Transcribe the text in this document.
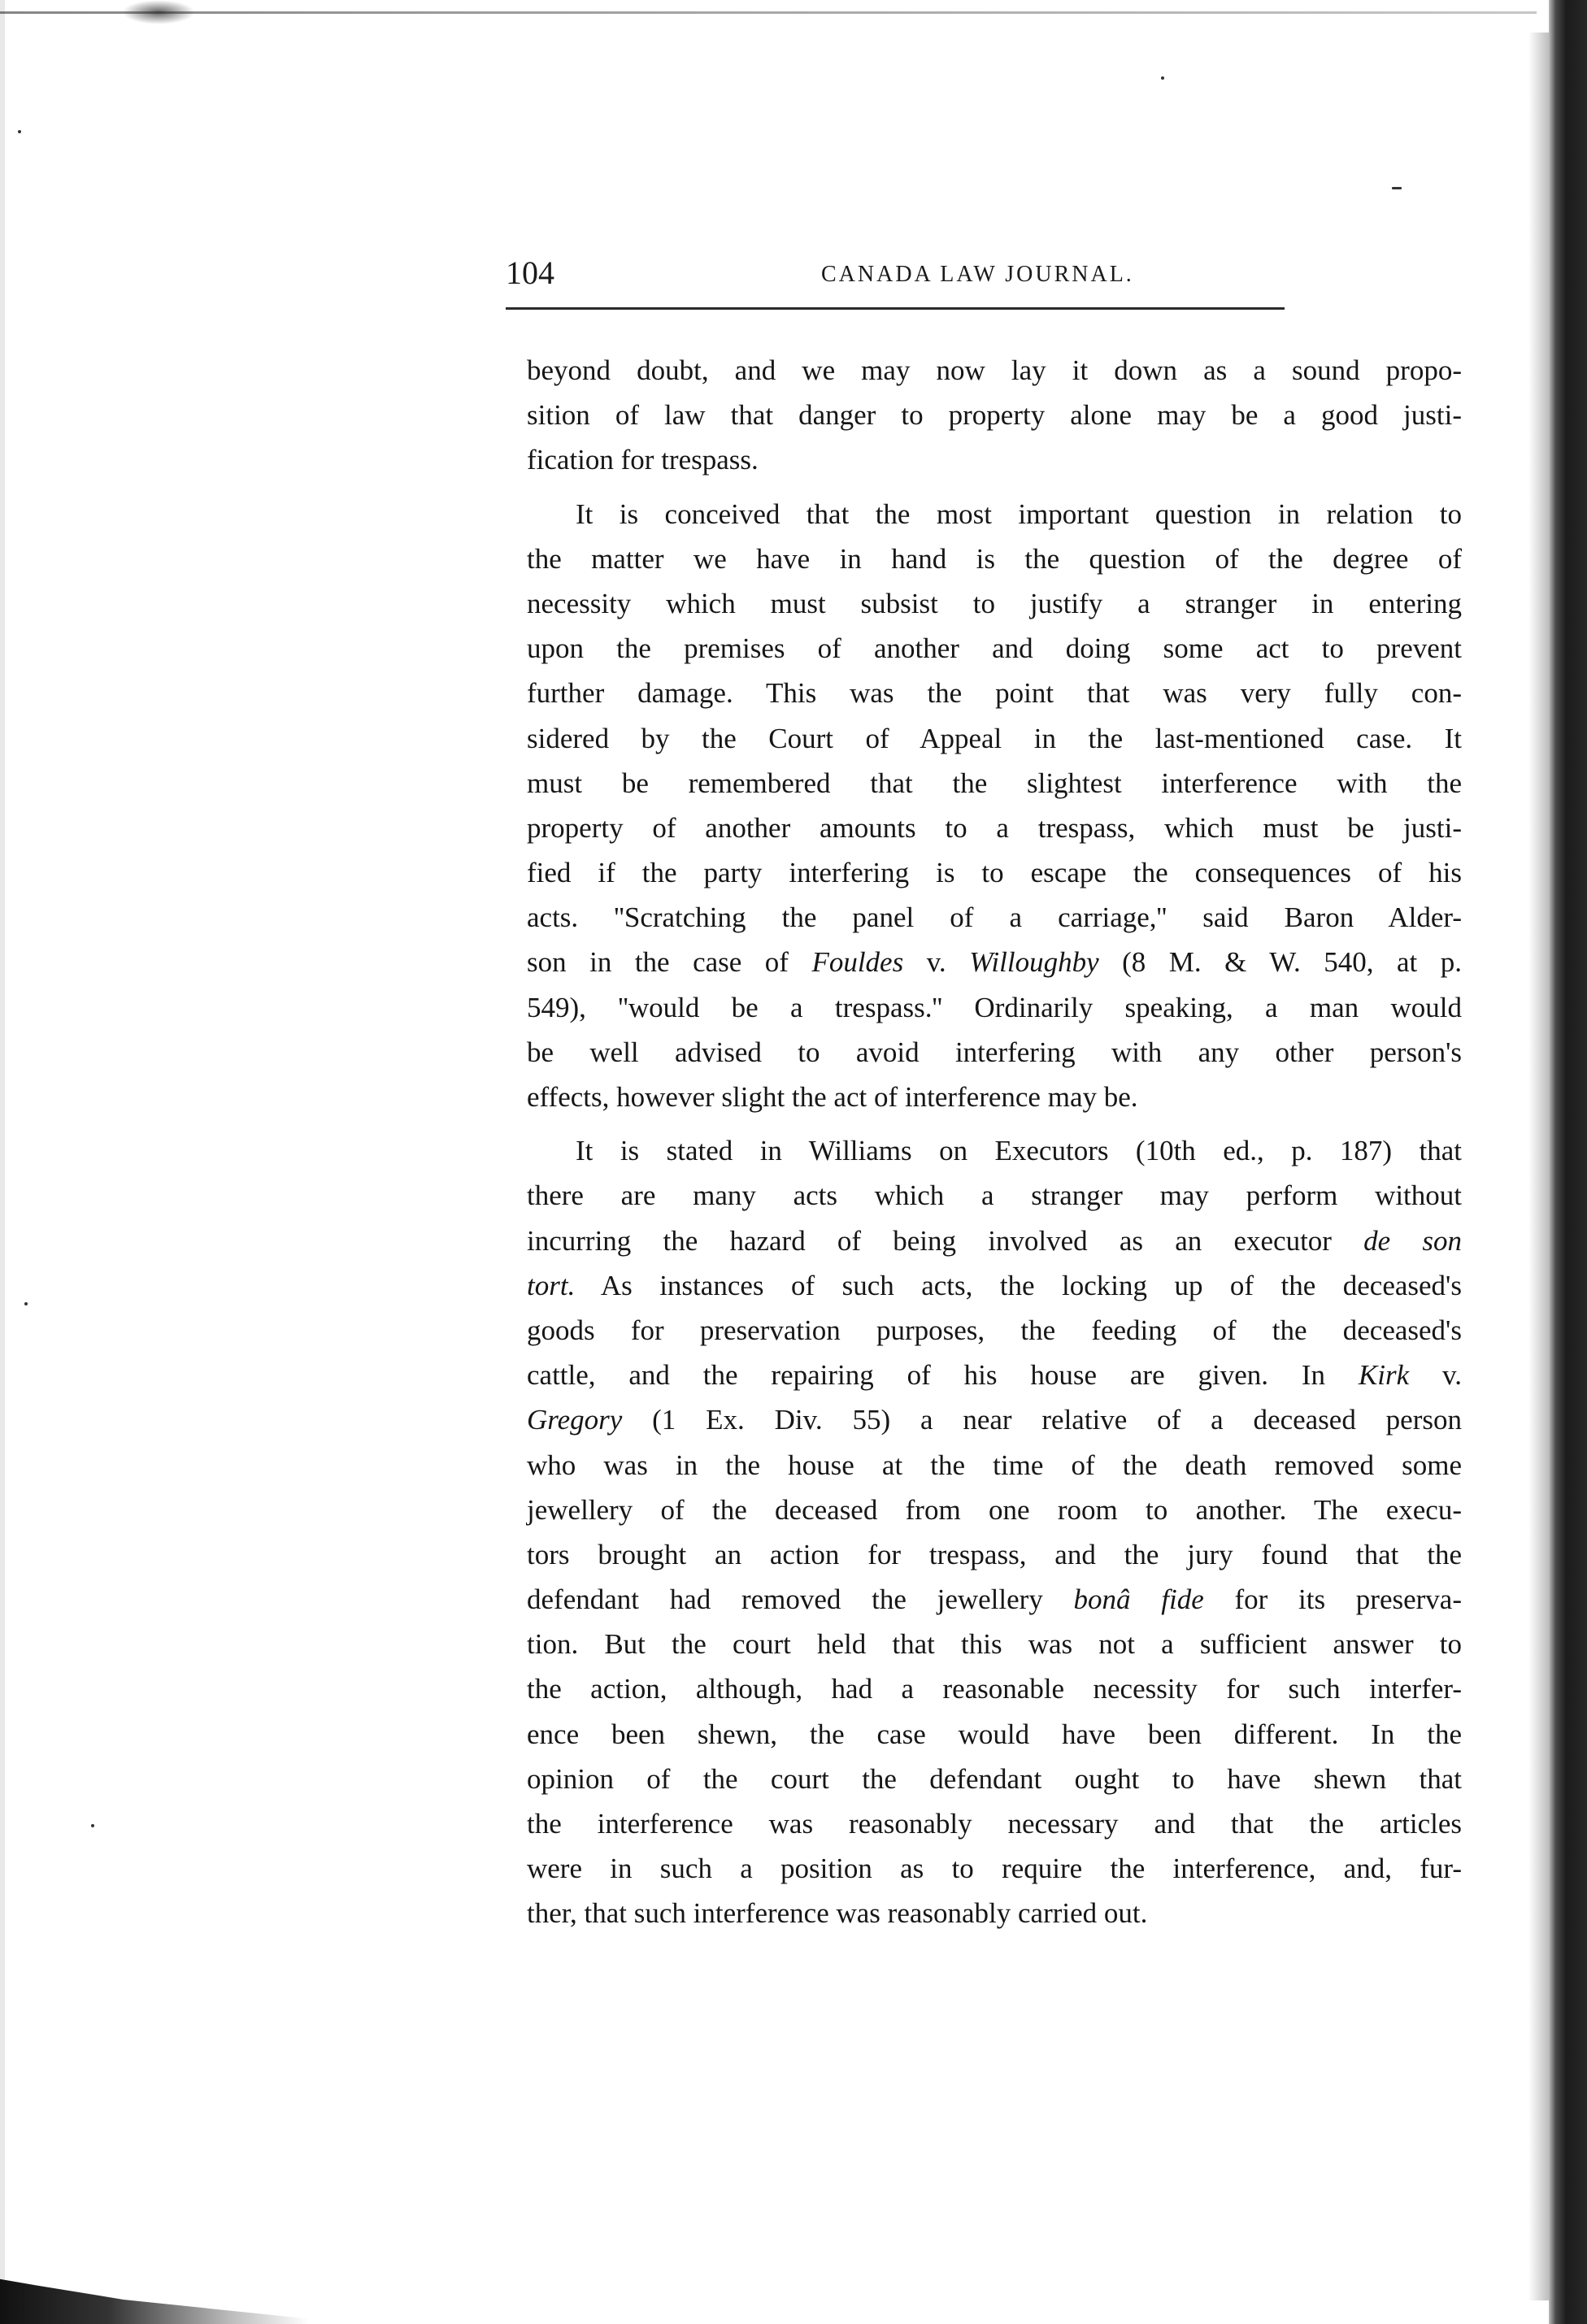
104	CANADA LAW JOURNAL.
beyond doubt, and we may now lay it down as a sound propo-
sition of law that danger to property alone may be a good justi-
fication for trespass.
It is conceived that the most important question in relation to
the matter we have in hand is the question of the degree of
necessity which must subsist to justify a stranger in entering
upon the premises of another and doing some act to prevent
further damage. This was the point that was very fully con-
sidered by the Court of Appeal in the last-mentioned case. It
must be remembered that the slightest interference with the
property of another amounts to a trespass, which must be justi-
fied if the party interfering is to escape the consequences of his
acts. ''Scratching the panel of a carriage,'' said Baron Alder-
son in the case of Fouldes v. Willoughby (8 M. & W. 540, at p.
549), ''would be a trespass.'' Ordinarily speaking, a man would
be well advised to avoid interfering with any other person's
effects, however slight the act of interference may be.
It is stated in Williams on Executors (10th ed., p. 187) that
there are many acts which a stranger may perform without
incurring the hazard of being involved as an executor de son
tort. As instances of such acts, the locking up of the deceased's
goods for preservation purposes, the feeding of the deceased's
cattle, and the repairing of his house are given. In Kirk v.
Gregory (1 Ex. Div. 55) a near relative of a deceased person
who was in the house at the time of the death removed some
jewellery of the deceased from one room to another. The execu-
tors brought an action for trespass, and the jury found that the
defendant had removed the jewellery bonâ fide for its preserva-
tion. But the court held that this was not a sufficient answer to
the action, although, had a reasonable necessity for such interfer-
ence been shewn, the case would have been different. In the
opinion of the court the defendant ought to have shewn that
the interference was reasonably necessary and that the articles
were in such a position as to require the interference, and, fur-
ther, that such interference was reasonably carried out.
